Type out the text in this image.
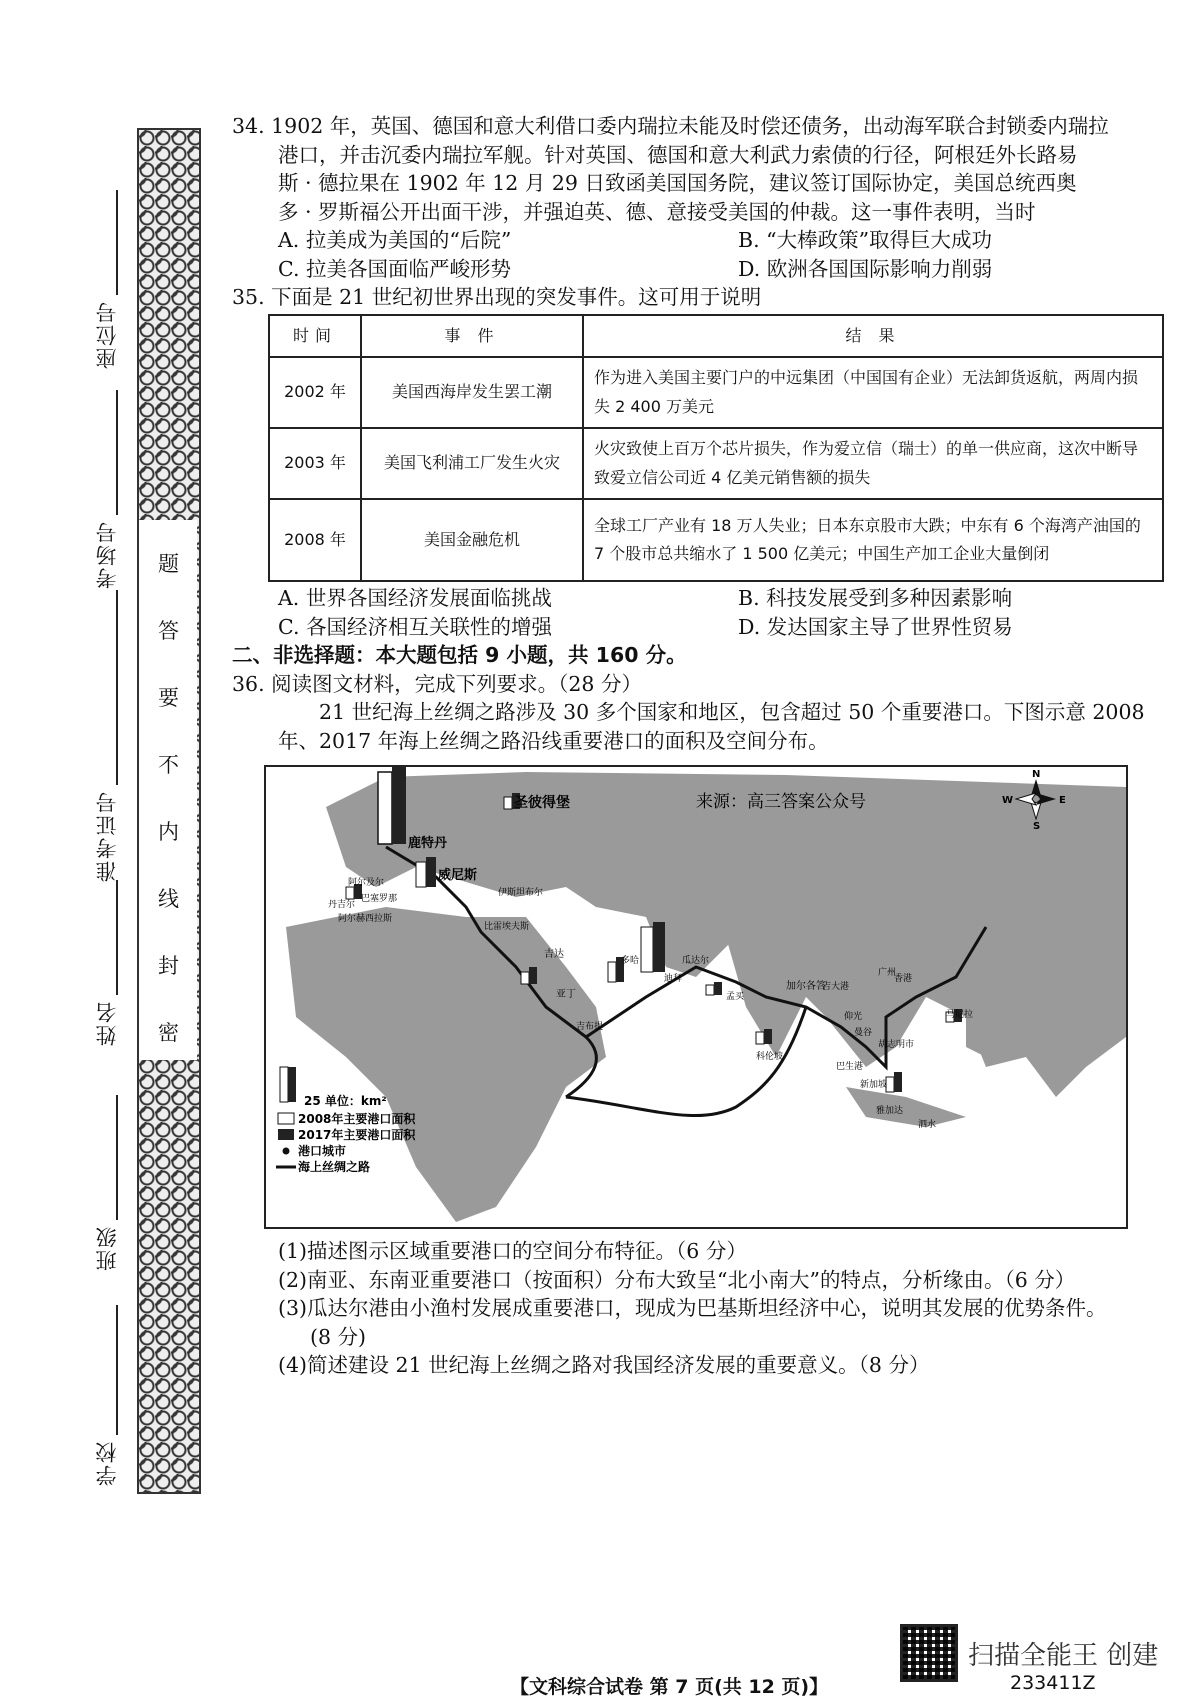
题
答
要
不
内
线
封
密
座位号
考场号
准考证号
姓名
班级
学校

34. 1902 年，英国、德国和意大利借口委内瑞拉未能及时偿还债务，出动海军联合封锁委内瑞拉

港口，并击沉委内瑞拉军舰。针对英国、德国和意大利武力索债的行径，阿根廷外长路易

斯 · 德拉果在 1902 年 12 月 29 日致函美国国务院，建议签订国际协定，美国总统西奥

多 · 罗斯福公开出面干涉，并强迫英、德、意接受美国的仲裁。这一事件表明，当时

A. 拉美成为美国的“后院”	B. “大棒政策”取得巨大成功
C. 拉美各国面临严峻形势	D. 欧洲各国国际影响力削弱

35. 下面是 21 世纪初世界出现的突发事件。这可用于说明

时间	事 件	结 果
2002 年	美国西海岸发生罢工潮	作为进入美国主要门户的中远集团（中国国有企业）无法卸货返航，两周内损失 2 400 万美元
2003 年	美国飞利浦工厂发生火灾	火灾致使上百万个芯片损失，作为爱立信（瑞士）的单一供应商，这次中断导致爱立信公司近 4 亿美元销售额的损失
2008 年	美国金融危机	全球工厂产业有 18 万人失业；日本东京股市大跌；中东有 6 个海湾产油国的 7 个股市总共缩水了 1 500 亿美元；中国生产加工企业大量倒闭
A. 世界各国经济发展面临挑战	B. 科技发展受到多种因素影响
C. 各国经济相互关联性的增强	D. 发达国家主导了世界性贸易

二、非选择题：本大题包括 9 小题，共 160 分。

36. 阅读图文材料，完成下列要求。（28 分）

21 世纪海上丝绸之路涉及 30 多个国家和地区，包含超过 50 个重要港口。下图示意 2008 年、2017 年海上丝绸之路沿线重要港口的面积及空间分布。

圣彼得堡
鹿特丹
威尼斯
伊斯坦布尔
阿尔及尔
丹吉尔
巴塞罗那
阿尔赫西拉斯
比雷埃夫斯
吉达
亚丁
吉布提
迪拜
多哈	瓜达尔
孟买
科伦坡
加尔各答
吉大港
仰光
曼谷
胡志明市
新加坡
雅加达
泗水
马尼拉
香港
广州
巴生港
来源：高三答案公众号
N
S
W	E
25 单位：km²
2008年主要港口面积
2017年主要港口面积
港口城市
海上丝绸之路

(1)描述图示区域重要港口的空间分布特征。（6 分）

(2)南亚、东南亚重要港口（按面积）分布大致呈“北小南大”的特点，分析缘由。（6 分）

(3)瓜达尔港由小渔村发展成重要港口，现成为巴基斯坦经济中心，说明其发展的优势条件。

(8 分)

(4)简述建设 21 世纪海上丝绸之路对我国经济发展的重要意义。（8 分）

【文科综合试卷 第 7 页(共 12 页)】	233411Z
扫描全能王 创建
